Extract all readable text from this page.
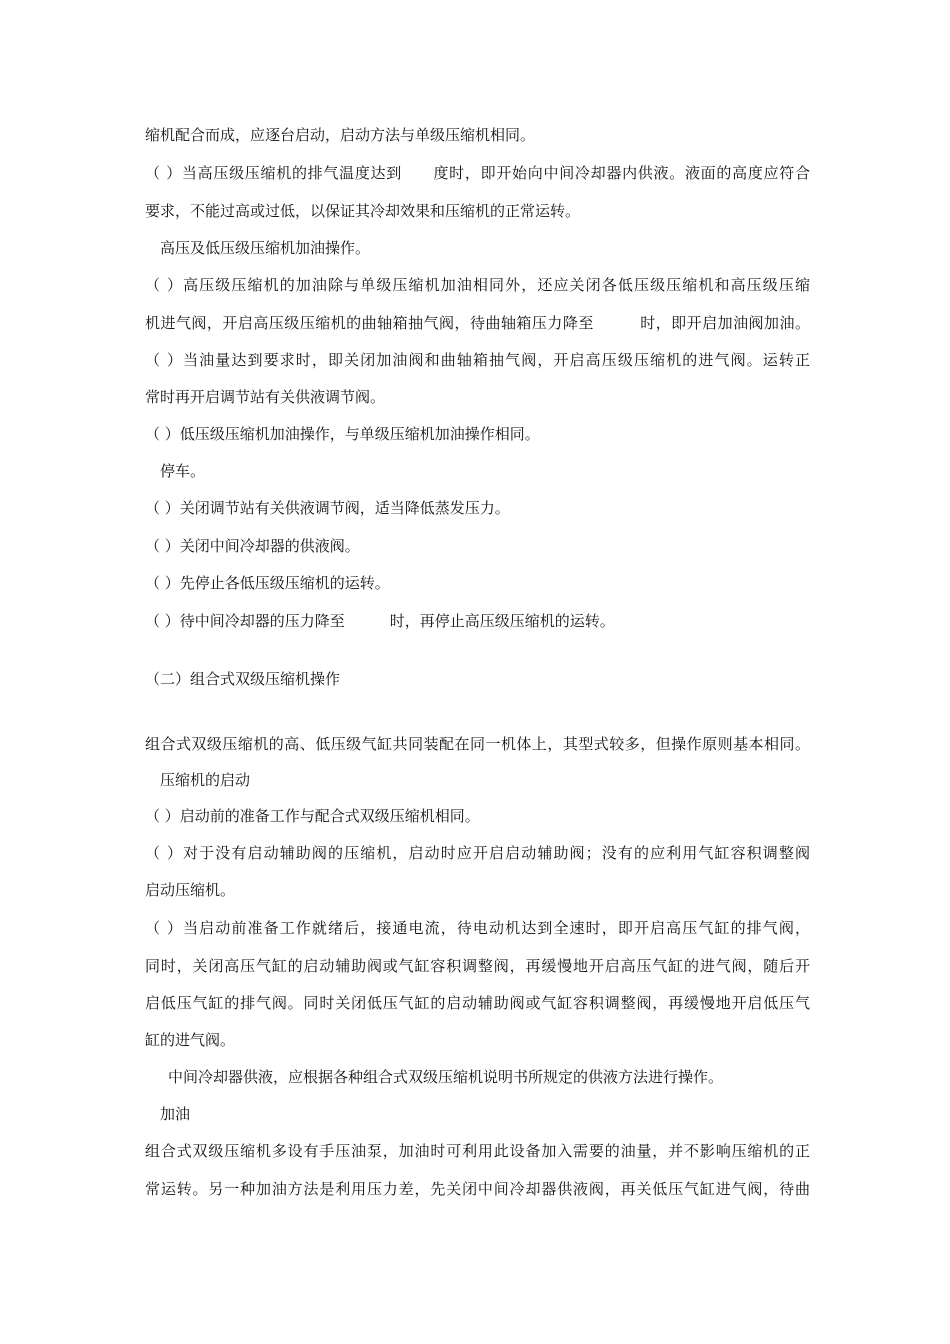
缩机配合而成，应逐台启动，启动方法与单级压缩机相同。

（ ）当高压级压缩机的排气温度达到　　度时，即开始向中间冷却器内供液。液面的高度应符合

要求，不能过高或过低，以保证其冷却效果和压缩机的正常运转。

高压及低压级压缩机加油操作。

（ ）高压级压缩机的加油除与单级压缩机加油相同外，还应关闭各低压级压缩机和高压级压缩

机进气阀，开启高压级压缩机的曲轴箱抽气阀，待曲轴箱压力降至　　　时，即开启加油阀加油。

（ ）当油量达到要求时，即关闭加油阀和曲轴箱抽气阀，开启高压级压缩机的进气阀。运转正

常时再开启调节站有关供液调节阀。

（ ）低压级压缩机加油操作，与单级压缩机加油操作相同。

停车。

（ ）关闭调节站有关供液调节阀，适当降低蒸发压力。

（ ）关闭中间冷却器的供液阀。

（ ）先停止各低压级压缩机的运转。

（ ）待中间冷却器的压力降至　　　时，再停止高压级压缩机的运转。

（二）组合式双级压缩机操作

组合式双级压缩机的高、低压级气缸共同装配在同一机体上，其型式较多，但操作原则基本相同。

压缩机的启动

（ ）启动前的准备工作与配合式双级压缩机相同。

（ ）对于没有启动辅助阀的压缩机，启动时应开启启动辅助阀；没有的应利用气缸容积调整阀

启动压缩机。

（ ）当启动前准备工作就绪后，接通电流，待电动机达到全速时，即开启高压气缸的排气阀，

同时，关闭高压气缸的启动辅助阀或气缸容积调整阀，再缓慢地开启高压气缸的进气阀，随后开

启低压气缸的排气阀。同时关闭低压气缸的启动辅助阀或气缸容积调整阀，再缓慢地开启低压气

缸的进气阀。

中间冷却器供液，应根据各种组合式双级压缩机说明书所规定的供液方法进行操作。

加油

组合式双级压缩机多设有手压油泵，加油时可利用此设备加入需要的油量，并不影响压缩机的正

常运转。另一种加油方法是利用压力差，先关闭中间冷却器供液阀，再关低压气缸进气阀，待曲
